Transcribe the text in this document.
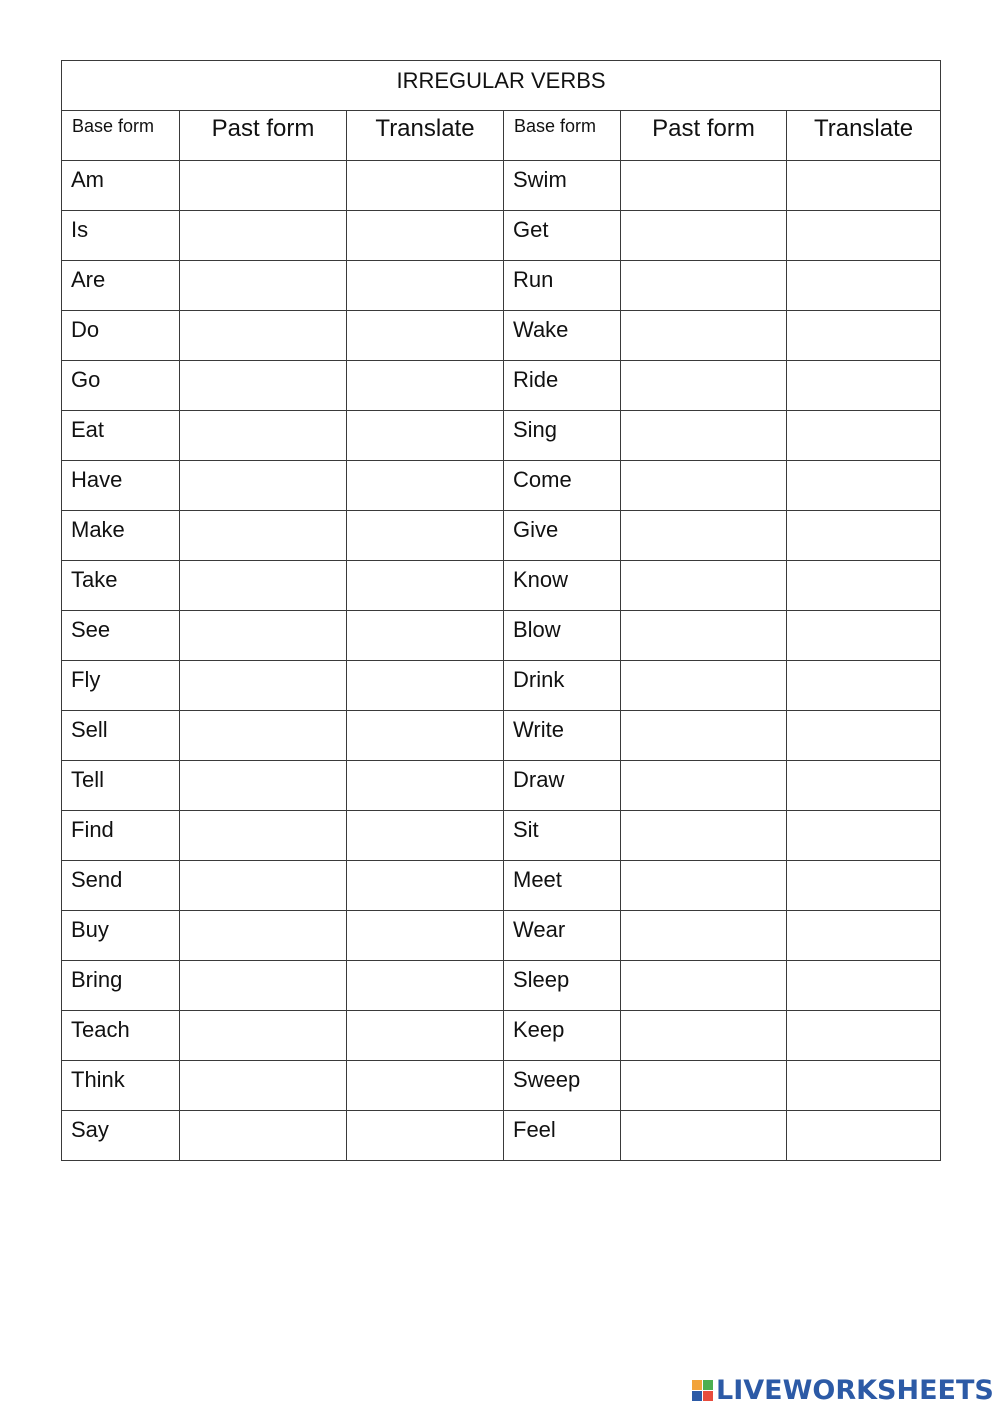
IRREGULAR VERBS					
Base form	Past form	Translate	Base form	Past form	Translate
Am			Swim		
Is			Get		
Are			Run		
Do			Wake		
Go			Ride		
Eat			Sing		
Have			Come		
Make			Give		
Take			Know		
See			Blow		
Fly			Drink		
Sell			Write		
Tell			Draw		
Find			Sit		
Send			Meet		
Buy			Wear		
Bring			Sleep		
Teach			Keep		
Think			Sweep		
Say			Feel		
LIVEWORKSHEETS
